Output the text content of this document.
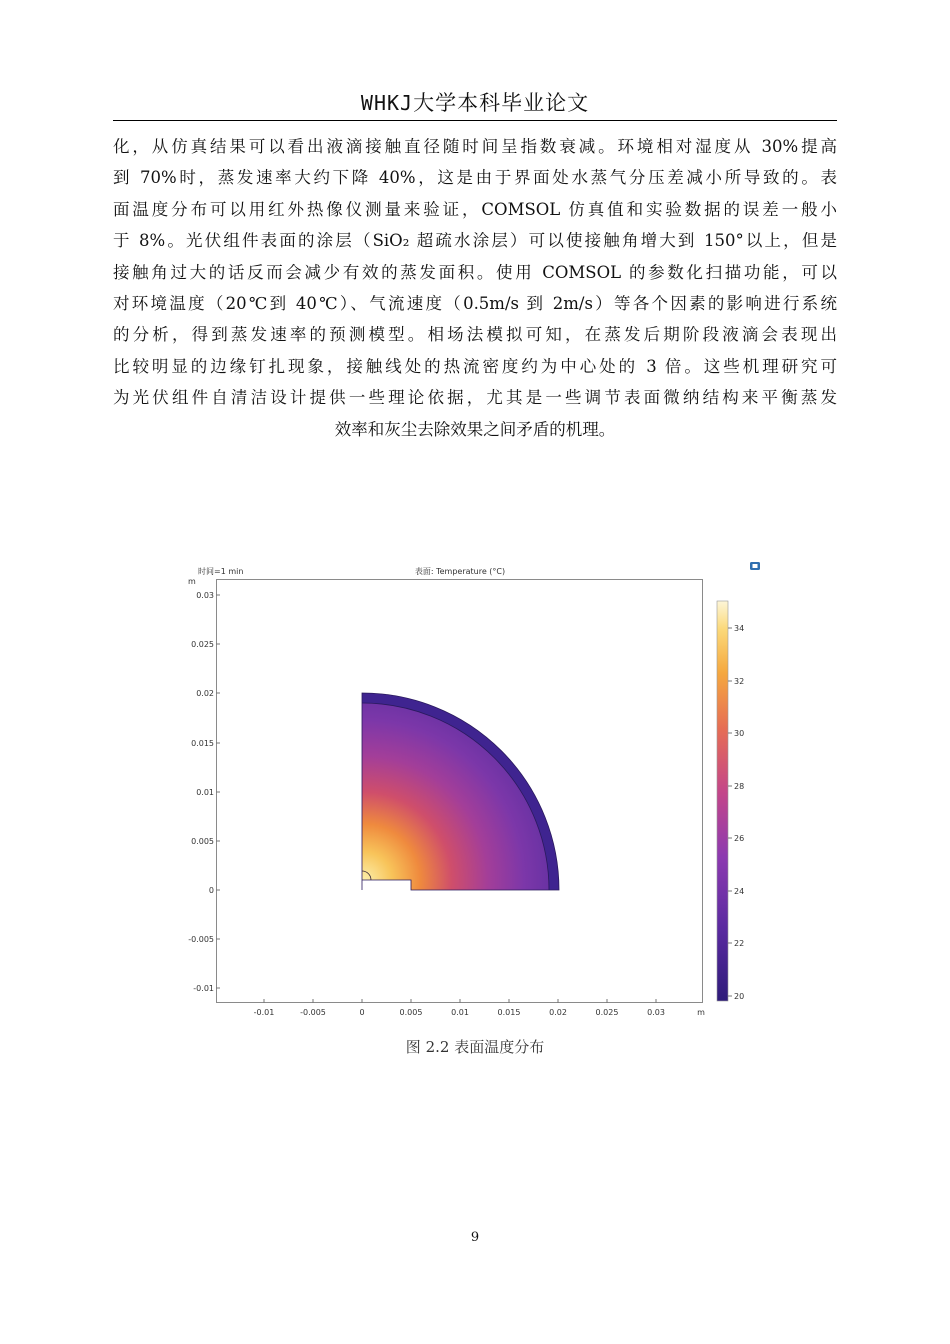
WHKJ大学本科毕业论文
化，从仿真结果可以看出液滴接触直径随时间呈指数衰减。环境相对湿度从 30%提高
到 70%时，蒸发速率大约下降 40%，这是由于界面处水蒸气分压差减小所导致的。表
面温度分布可以用红外热像仪测量来验证，COMSOL 仿真值和实验数据的误差一般小
于 8%。光伏组件表面的涂层（SiO₂ 超疏水涂层）可以使接触角增大到 150°以上，但是
接触角过大的话反而会减少有效的蒸发面积。使用 COMSOL 的参数化扫描功能，可以
对环境温度（20℃到 40℃）、气流速度（0.5m/s 到 2m/s）等各个因素的影响进行系统
的分析，得到蒸发速率的预测模型。相场法模拟可知，在蒸发后期阶段液滴会表现出
比较明显的边缘钉扎现象，接触线处的热流密度约为中心处的 3 倍。这些机理研究可
为光伏组件自清洁设计提供一些理论依据，尤其是一些调节表面微纳结构来平衡蒸发
效率和灰尘去除效果之间矛盾的机理。
时间=1 min	表面: Temperature (°C)
m
0.03
0.025
0.02
0.015
0.01
0.005
0
-0.005
-0.01
-0.01	-0.005	0	0.005	0.01	0.015	0.02	0.025	0.03	m
34
32
30
28
26
24
22
20
图 2.2 表面温度分布
9
